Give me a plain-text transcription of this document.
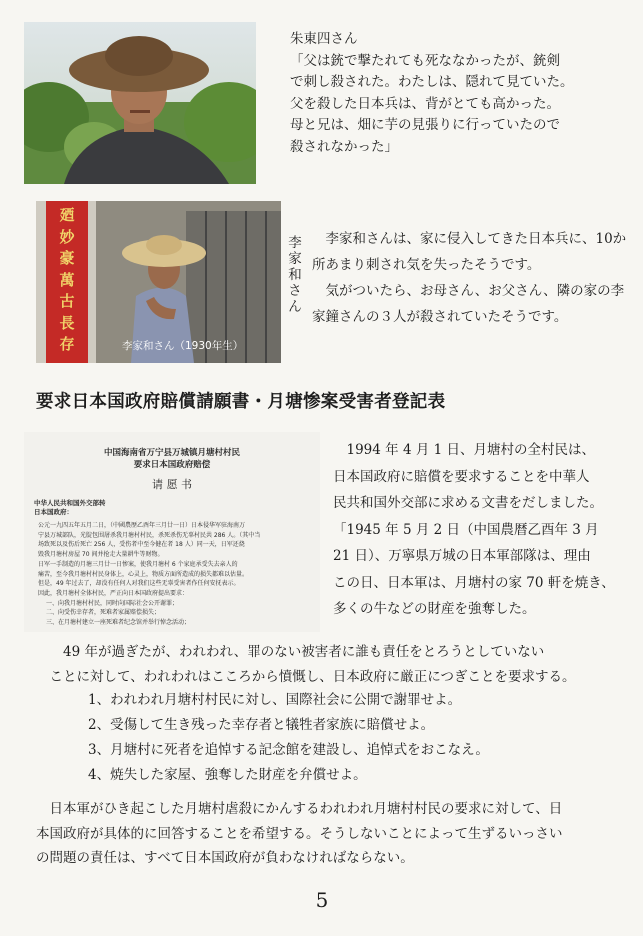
朱東四さん
「父は銃で撃たれても死ななかったが、銃剣
で刺し殺された。わたしは、隠れて見ていた。
父を殺した日本兵は、背がとても高かった。
母と兄は、畑に芋の見張りに行っていたので
殺されなかった」
廼
妙
豪
萬
古
長
存	李家和さん（1930年生）
李
家
和
さ
ん

李家和さんは、家に侵入してきた日本兵に、10か所あまり刺され気を失ったそうです。

気がついたら、お母さん、お父さん、隣の家の李家鐘さんの３人が殺されていたそうです。

要求日本国政府賠償請願書・月塘惨案受害者登記表
中国海南省万宁县万城镇月塘村村民
要求日本国政府赔偿
请 愿 书
中华人民共和国外交部转
日本国政府：
公元一九四五年五月二日，（中國農歷乙酉年三月廿一日）日本侵华军驻海南万
宁县万城部队，光腚包围屠杀我月塘村村民，杀死杀伤无辜村民共 286 人。（其中当
场致死以及伤后死亡 256 人，受伤者中至今健在者 18 人）同一天，日军还烧
毁我月塘村房屋 70 间并抢走大量耕牛等财物。
日军一手制造的月塘三月廿一日惨案，使我月塘村 6 个家庭承受失去亲人的
痛苦，至今我月塘村村民身体上，心灵上，物质方面所造成的损失都难以估量。
但是，49 年过去了，却没有任何人对我们这些无辜受害者作任何安抚表示。
因此，我月塘村全体村民，严正向日本国政府提出要求：
一、向我月塘村村民，同时向国际社会公开谢罪；
二、向受伤幸存者，死难者家属赔偿损失；
三、在月塘村建立一座死难者纪念馆并举行悼念活动；

　1994 年 4 月 1 日、月塘村の全村民は、

日本国政府に賠償を要求することを中華人

民共和国外交部に求める文書をだしました。

「1945 年 5 月 2 日（中国農暦乙酉年 3 月

21 日）、万寧県万城の日本軍部隊は、理由

この日、日本軍は、月塘村の家 70 軒を焼き、

多くの牛などの財産を強奪した。

　　49 年が過ぎたが、われわれ、罪のない被害者に誰も責任をとろうとしていない

　ことに対して、われわれはこころから憤慨し、日本政府に厳正につぎことを要求する。

1、われわれ月塘村村民に対し、国際社会に公開で謝罪せよ。
2、受傷して生き残った幸存者と犠牲者家族に賠償せよ。
3、月塘村に死者を追悼する記念館を建設し、追悼式をおこなえ。
4、焼失した家屋、強奪した財産を弁償せよ。

　日本軍がひき起こした月塘村虐殺にかんするわれわれ月塘村村民の要求に対して、日

本国政府が具体的に回答することを希望する。そうしないことによって生ずるいっさい

の問題の責任は、すべて日本国政府が負わなければならない。

5
